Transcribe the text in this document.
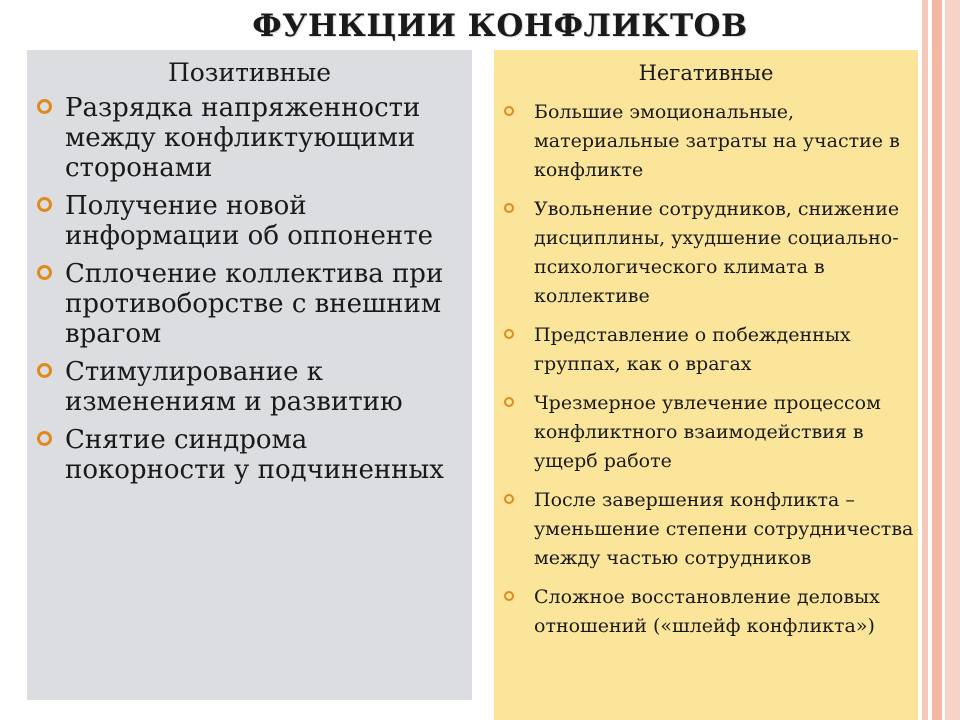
ФУНКЦИИ КОНФЛИКТОВ
Позитивные	Негативные
Разрядка напряженности между конфликтующими сторонами
Получение новой информации об оппоненте
Сплочение коллектива при противоборстве с внешним врагом
Стимулирование к изменениям и развитию
Снятие синдрома покорности у подчиненных
Большие эмоциональные, материальные затраты на участие в конфликте
Увольнение сотрудников, снижение дисциплины, ухудшение социально-психологического климата в коллективе
Представление о побежденных группах, как о врагах
Чрезмерное увлечение процессом конфликтного взаимодействия в ущерб работе
После завершения конфликта – уменьшение степени сотрудничества между частью сотрудников
Сложное восстановление деловых отношений («шлейф конфликта»)
